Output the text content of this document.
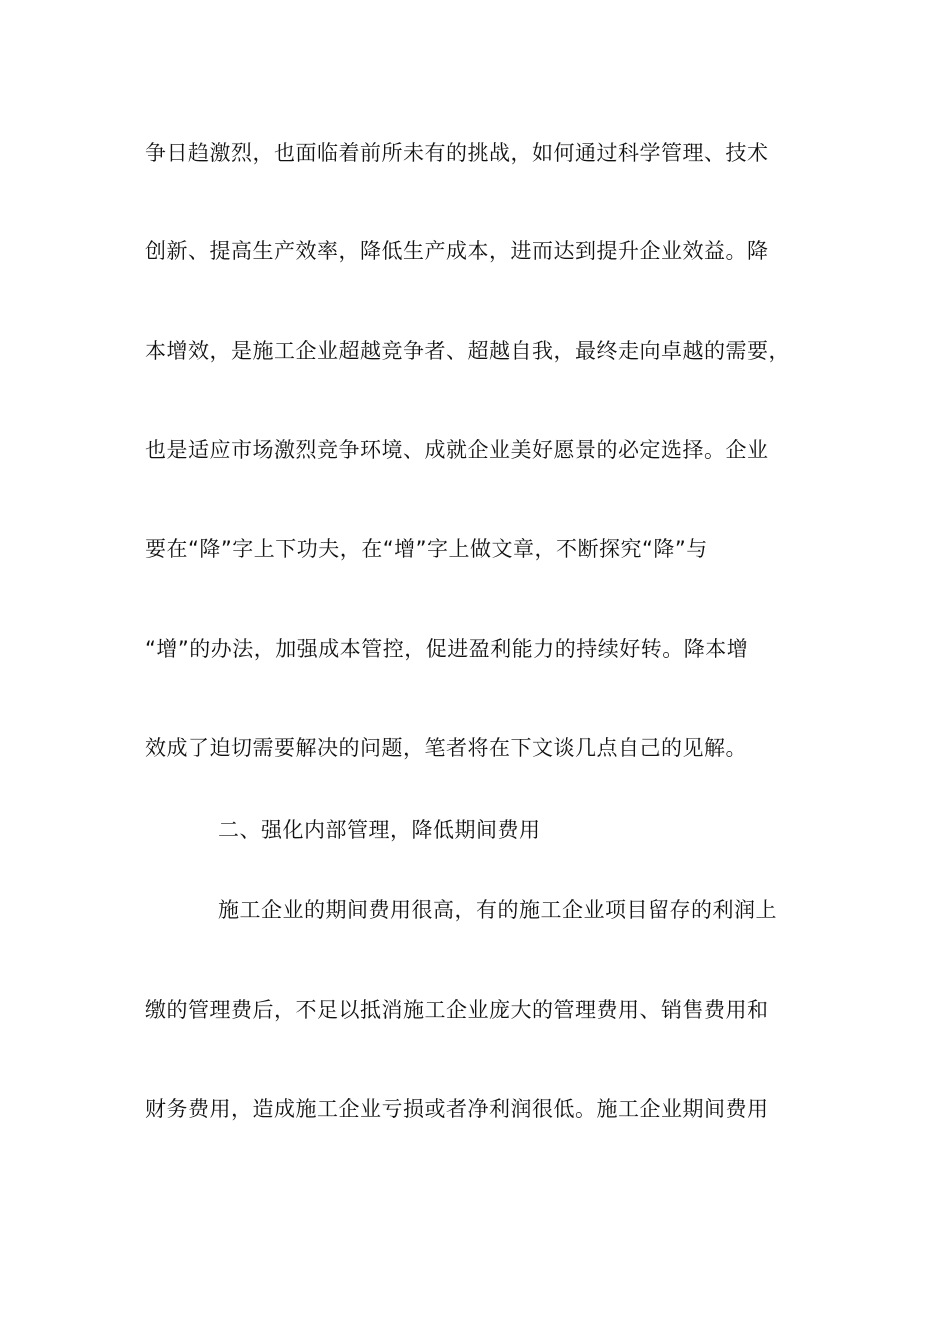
争日趋激烈，也面临着前所未有的挑战，如何通过科学管理、技术
创新、提高生产效率，降低生产成本，进而达到提升企业效益。降
本增效，是施工企业超越竞争者、超越自我，最终走向卓越的需要，
也是适应市场激烈竞争环境、成就企业美好愿景的必定选择。企业
要在“降”字上下功夫，在“增”字上做文章，不断探究“降”与
“增”的办法，加强成本管控，促进盈利能力的持续好转。降本增
效成了迫切需要解决的问题，笔者将在下文谈几点自己的见解。
二、强化内部管理，降低期间费用
施工企业的期间费用很高，有的施工企业项目留存的利润上
缴的管理费后，不足以抵消施工企业庞大的管理费用、销售费用和
财务费用，造成施工企业亏损或者净利润很低。施工企业期间费用
